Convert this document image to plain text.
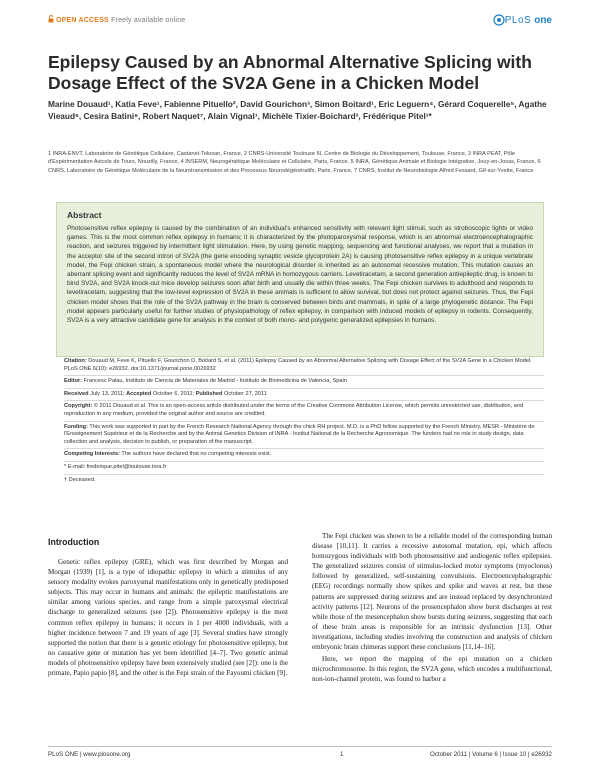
OPEN ACCESS Freely available online	PLoS one
Epilepsy Caused by an Abnormal Alternative Splicing with Dosage Effect of the SV2A Gene in a Chicken Model
Marine Douaud¹, Katia Feve¹, Fabienne Pituello², David Gourichon³, Simon Boitard¹, Eric Leguern⁴, Gérard Coquerelle⁵, Agathe Vieaud⁶, Cesira Batini⁶, Robert Naquet⁷, Alain Vignal¹, Michèle Tixier-Boichard³, Frédérique Pitel¹*
1 INRA-ENVT, Laboratoire de Génétique Cellulaire, Castanet-Tolosan, France, 2 CNRS-Université Toulouse III, Centre de Biologie du Développement, Toulouse, France, 3 INRA PEAT, Pôle d'Expérimentation Avicole de Tours, Nouzilly, France, 4 INSERM, Neurogénétique Moléculaire et Cellulaire, Paris, France, 5 INRA, Génétique Animale et Biologie Intégrative, Jouy-en-Josas, France, 6 CNRS, Laboratoire de Génétique Moléculaire de la Neurotransmission et des Processus Neurodégénératifs, Paris, France, 7 CNRS, Institut de Neurobiologie Alfred Fessard, Gif-sur-Yvette, France
Abstract

Photosensitive reflex epilepsy is caused by the combination of an individual's enhanced sensitivity with relevant light stimuli, such as stroboscopic lights or video games. This is the most common reflex epilepsy in humans; it is characterized by the photoparoxysmal response, which is an abnormal electroencephalographic reaction, and seizures triggered by intermittent light stimulation. Here, by using genetic mapping, sequencing and functional analyses, we report that a mutation in the acceptor site of the second intron of SV2A (the gene encoding synaptic vesicle glycoprotein 2A) is causing photosensitive reflex epilepsy in a unique vertebrate model, the Fepi chicken strain, a spontaneous model where the neurological disorder is inherited as an autosomal recessive mutation. This mutation causes an aberrant splicing event and significantly reduces the level of SV2A mRNA in homozygous carriers. Levetiracetam, a second generation antiepileptic drug, is known to bind SV2A, and SV2A knock-out mice develop seizures soon after birth and usually die within three weeks. The Fepi chicken survives to adulthood and responds to levetiracetam, suggesting that the low-level expression of SV2A in these animals is sufficient to allow survival, but does not protect against seizures. Thus, the Fepi chicken model shows that the role of the SV2A pathway in the brain is conserved between birds and mammals, in spite of a large phylogenetic distance. The Fepi model appears particularly useful for further studies of physiopathology of reflex epilepsy, in comparison with induced models of epilepsy in rodents. Consequently, SV2A is a very attractive candidate gene for analysis in the context of both mono- and polygenic generalized epilepsies in humans.

Citation: Douaud M, Feve K, Pituello F, Gourichon D, Boitard S, et al. (2011) Epilepsy Caused by an Abnormal Alternative Splicing with Dosage Effect of the SV2A Gene in a Chicken Model. PLoS ONE 6(10): e26932. doi:10.1371/journal.pone.0026932
Editor: Francesc Palau, Instituto de Ciencia de Materiales de Madrid - Instituto de Biomedicina de Valencia, Spain
Received July 13, 2011; Accepted October 6, 2011; Published October 27, 2011
Copyright: © 2011 Douaud et al. This is an open-access article distributed under the terms of the Creative Commons Attribution License, which permits unrestricted use, distribution, and reproduction in any medium, provided the original author and source are credited.
Funding: This work was supported in part by the French Research National Agency through the chick RH project. M.D. is a PhD fellow supported by the French Ministry, MESR - Ministère de l'Enseignement Supérieur et de la Recherche and by the Animal Genetics Division of INRA - Institut National de la Recherche Agronomique. The funders had no role in study design, data collection and analysis, decision to publish, or preparation of the manuscript.
Competing Interests: The authors have declared that no competing interests exist.
* E-mail: frederique.pitel@toulouse.inra.fr
† Deceased.
Introduction

Genetic reflex epilepsy (GRE), which was first described by Morgan and Morgan (1939) [1], is a type of idiopathic epilepsy in which a stimulus of any sensory modality evokes paroxysmal manifestations only in genetically predisposed subjects. This may occur in humans and animals: the epileptic manifestations are similar among various species, and range from a simple paroxysmal electrical discharge to generalized seizures (see [2]). Photosensitive epilepsy is the most common reflex epilepsy in humans; it occurs in 1 per 4000 individuals, with a higher incidence between 7 and 19 years of age [3]. Several studies have strongly supported the notion that there is a genetic etiology for photosensitive epilepsy, but no causative gene or mutation has yet been identified [4–7]. Two genetic animal models of photosensitive epilepsy have been extensively studied (see [2]): one is the primate, Papio papio [8], and the other is the Fepi strain of the Fayoumi chicken [9].

The Fepi chicken was shown to be a reliable model of the corresponding human disease [10,11]. It carries a recessive autosomal mutation, epi, which affects homozygous individuals with both photosensitive and audiogenic reflex epilepsies. The generalized seizures consist of stimulus-locked motor symptoms (myoclonus) followed by generalized, self-sustaining convulsions. Electroencephalographic (EEG) recordings normally show spikes and spike and waves at rest, but these patterns are suppressed during seizures and are instead replaced by desynchronized activity patterns [12]. Neurons of the prosencephalon show burst discharges at rest while those of the mesencephalon show bursts during seizures, suggesting that each of these brain areas is responsible for an intrinsic dysfunction [13]. Other investigations, including studies involving the construction and analysis of chicken embryonic brain chimeras support these conclusions [11,14–16].

Here, we report the mapping of the epi mutation on a chicken microchromosome. In this region, the SV2A gene, which encodes a multifunctional, non-ion-channel protein, was found to harbor a

PLoS ONE | www.plosone.org	1	October 2011 | Volume 6 | Issue 10 | e26932
